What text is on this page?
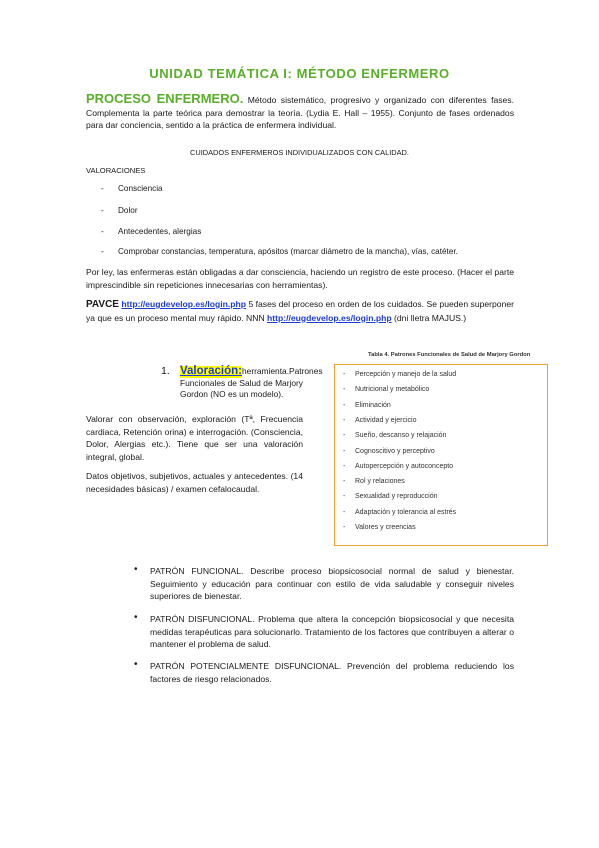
UNIDAD TEMÁTICA I: MÉTODO ENFERMERO
PROCESO ENFERMERO. Método sistemático, progresivo y organizado con diferentes fases. Complementa la parte teórica para demostrar la teoría. (Lydia E. Hall – 1955). Conjunto de fases ordenados para dar conciencia, sentido a la práctica de enfermera individual.
CUIDADOS ENFERMEROS INDIVIDUALIZADOS CON CALIDAD.
VALORACIONES
- Consciencia
- Dolor
- Antecedentes, alergias
- Comprobar constancias, temperatura, apósitos (marcar diámetro de la mancha), vías, catéter.
Por ley, las enfermeras están obligadas a dar consciencia, haciendo un registro de este proceso. (Hacer el parte imprescindible sin repeticiones innecesarias con herramientas).
PAVCE http://eugdevelop.es/login.php 5 fases del proceso en orden de los cuidados. Se pueden superponer ya que es un proceso mental muy rápido. NNN http://eugdevelop.es/login.php (dni lletra MAJUS.)
1. Valoración: herramienta. Patrones
Funcionales de Salud de Marjory Gordon (NO es un modelo).
Valorar con observación, exploración (Tª, Frecuencia cardiaca, Retención orina) e interrogación. (Consciencia, Dolor, Alergias etc.). Tiene que ser una valoración integral, global.
Datos objetivos, subjetivos, actuales y antecedentes. (14 necesidades básicas) / examen cefalocaudal.
Tabla 4. Patrones Funcionales de Salud de Marjory Gordon
- Percepción y manejo de la salud
- Nutricional y metabólico
- Eliminación
- Actividad y ejercicio
- Sueño, descanso y relajación
- Cognoscitivo y perceptivo
- Autopercepción y autoconcepto
- Rol y relaciones
- Sexualidad y reproducción
- Adaptación y tolerancia al estrés
- Valores y creencias
• PATRÓN FUNCIONAL. Describe proceso biopsicosocial normal de salud y bienestar. Seguimiento y educación para continuar con estilo de vida saludable y conseguir niveles superiores de bienestar.
• PATRÓN DISFUNCIONAL. Problema que altera la concepción biopsicosocial y que necesita medidas terapéuticas para solucionarlo. Tratamiento de los factores que contribuyen a alterar o mantener el problema de salud.
• PATRÓN POTENCIALMENTE DISFUNCIONAL. Prevención del problema reduciendo los factores de riesgo relacionados.
